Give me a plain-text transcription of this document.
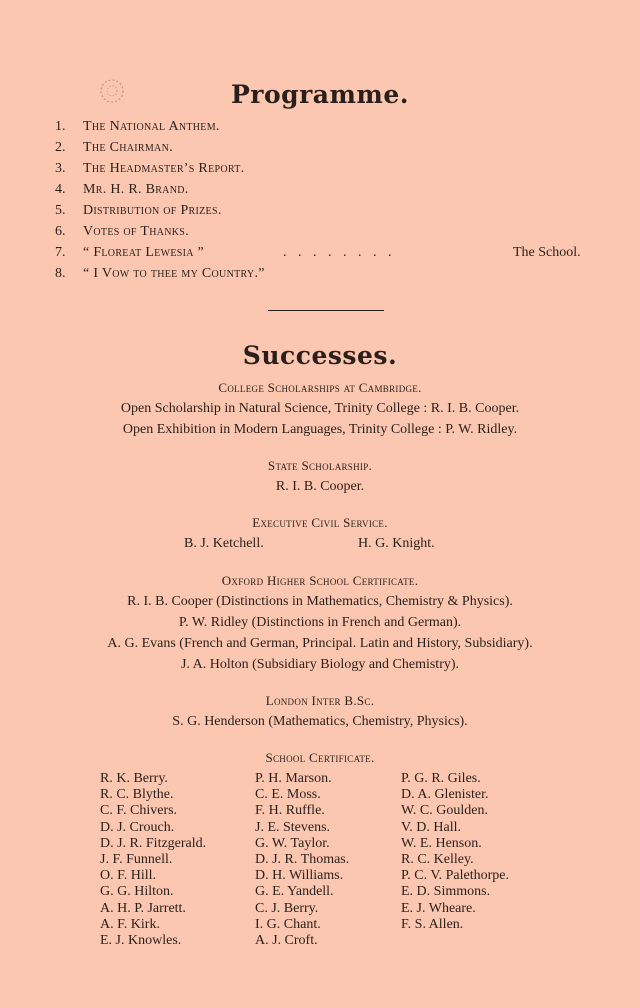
Programme.
1. The National Anthem.
2. The Chairman.
3. The Headmaster’s Report.
4. Mr. H. R. Brand.
5. Distribution of Prizes.
6. Votes of Thanks.
7. “ Floreat Lewesia ”	. . . . . . . .	The School.
8. “ I Vow to thee my Country.”
Successes.
College Scholarships at Cambridge.
Open Scholarship in Natural Science, Trinity College : R. I. B. Cooper.
Open Exhibition in Modern Languages, Trinity College : P. W. Ridley.
State Scholarship.
R. I. B. Cooper.
Executive Civil Service.
B. J. Ketchell.	H. G. Knight.
Oxford Higher School Certificate.
R. I. B. Cooper (Distinctions in Mathematics, Chemistry & Physics).
P. W. Ridley (Distinctions in French and German).
A. G. Evans (French and German, Principal. Latin and History, Subsidiary).
J. A. Holton (Subsidiary Biology and Chemistry).
London Inter B.Sc.
S. G. Henderson (Mathematics, Chemistry, Physics).
School Certificate.
R. K. Berry.
R. C. Blythe.
C. F. Chivers.
D. J. Crouch.
D. J. R. Fitzgerald.
J. F. Funnell.
O. F. Hill.
G. G. Hilton.
A. H. P. Jarrett.
A. F. Kirk.
E. J. Knowles.
P. H. Marson.
C. E. Moss.
F. H. Ruffle.
J. E. Stevens.
G. W. Taylor.
D. J. R. Thomas.
D. H. Williams.
G. E. Yandell.
C. J. Berry.
I. G. Chant.
A. J. Croft.
P. G. R. Giles.
D. A. Glenister.
W. C. Goulden.
V. D. Hall.
W. E. Henson.
R. C. Kelley.
P. C. V. Palethorpe.
E. D. Simmons.
E. J. Wheare.
F. S. Allen.
